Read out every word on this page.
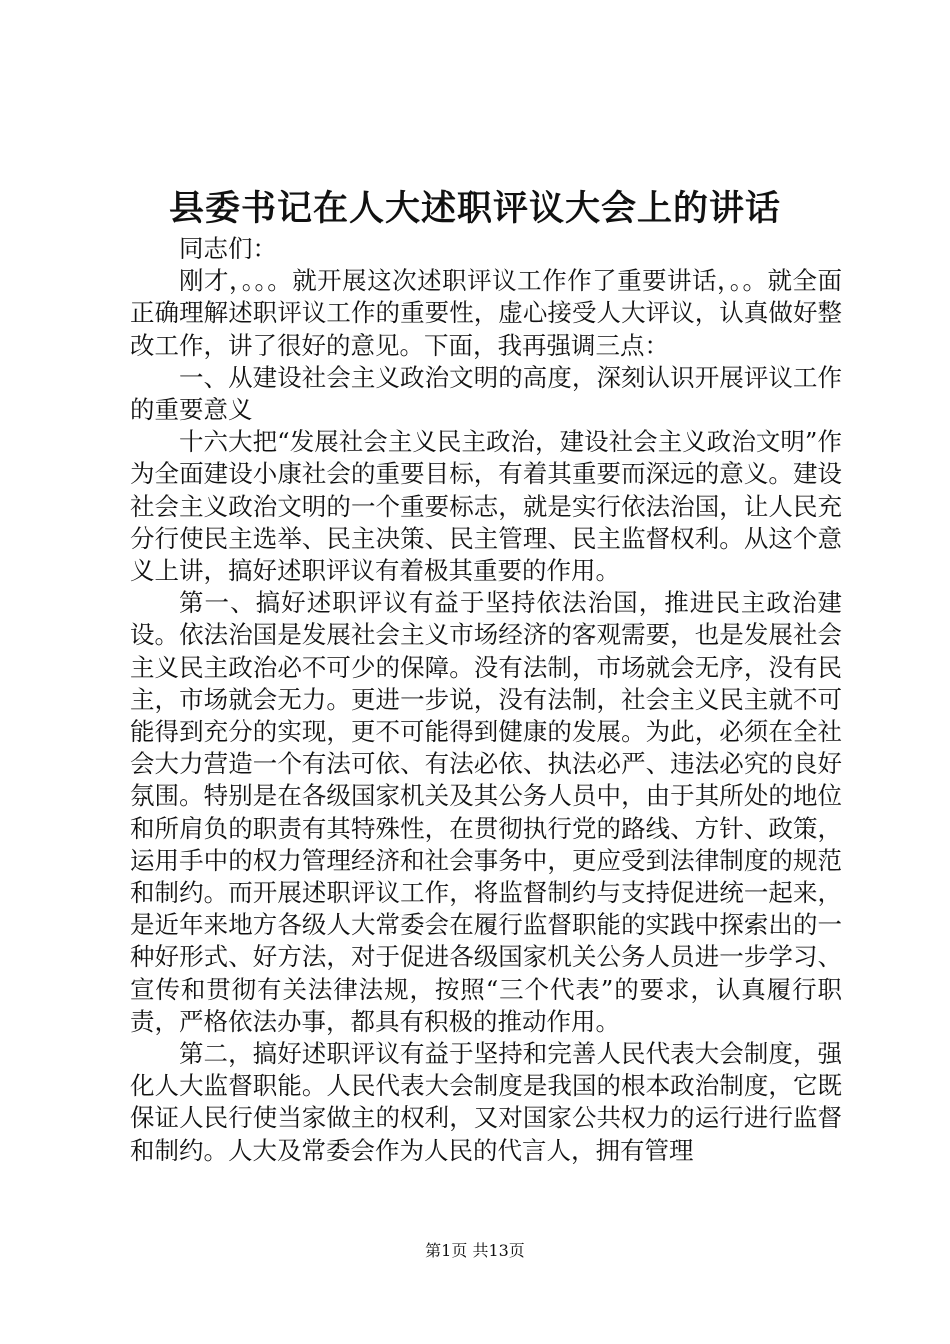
县委书记在人大述职评议大会上的讲话

同志们：

刚才，。。。就开展这次述职评议工作作了重要讲话，。。就全面正确理解述职评议工作的重要性，虚心接受人大评议，认真做好整改工作，讲了很好的意见。下面，我再强调三点：

一、从建设社会主义政治文明的高度，深刻认识开展评议工作的重要意义

十六大把“发展社会主义民主政治，建设社会主义政治文明”作为全面建设小康社会的重要目标，有着其重要而深远的意义。建设社会主义政治文明的一个重要标志，就是实行依法治国，让人民充分行使民主选举、民主决策、民主管理、民主监督权利。从这个意义上讲，搞好述职评议有着极其重要的作用。

第一、搞好述职评议有益于坚持依法治国，推进民主政治建设。依法治国是发展社会主义市场经济的客观需要，也是发展社会主义民主政治必不可少的保障。没有法制，市场就会无序，没有民主，市场就会无力。更进一步说，没有法制，社会主义民主就不可能得到充分的实现，更不可能得到健康的发展。为此，必须在全社会大力营造一个有法可依、有法必依、执法必严、违法必究的良好氛围。特别是在各级国家机关及其公务人员中，由于其所处的地位和所肩负的职责有其特殊性，在贯彻执行党的路线、方针、政策，运用手中的权力管理经济和社会事务中，更应受到法律制度的规范和制约。而开展述职评议工作，将监督制约与支持促进统一起来，是近年来地方各级人大常委会在履行监督职能的实践中探索出的一种好形式、好方法，对于促进各级国家机关公务人员进一步学习、宣传和贯彻有关法律法规，按照“三个代表”的要求，认真履行职责，严格依法办事，都具有积极的推动作用。

第二，搞好述职评议有益于坚持和完善人民代表大会制度，强化人大监督职能。人民代表大会制度是我国的根本政治制度，它既保证人民行使当家做主的权利，又对国家公共权力的运行进行监督和制约。人大及常委会作为人民的代言人，拥有管理

第1页 共13页
